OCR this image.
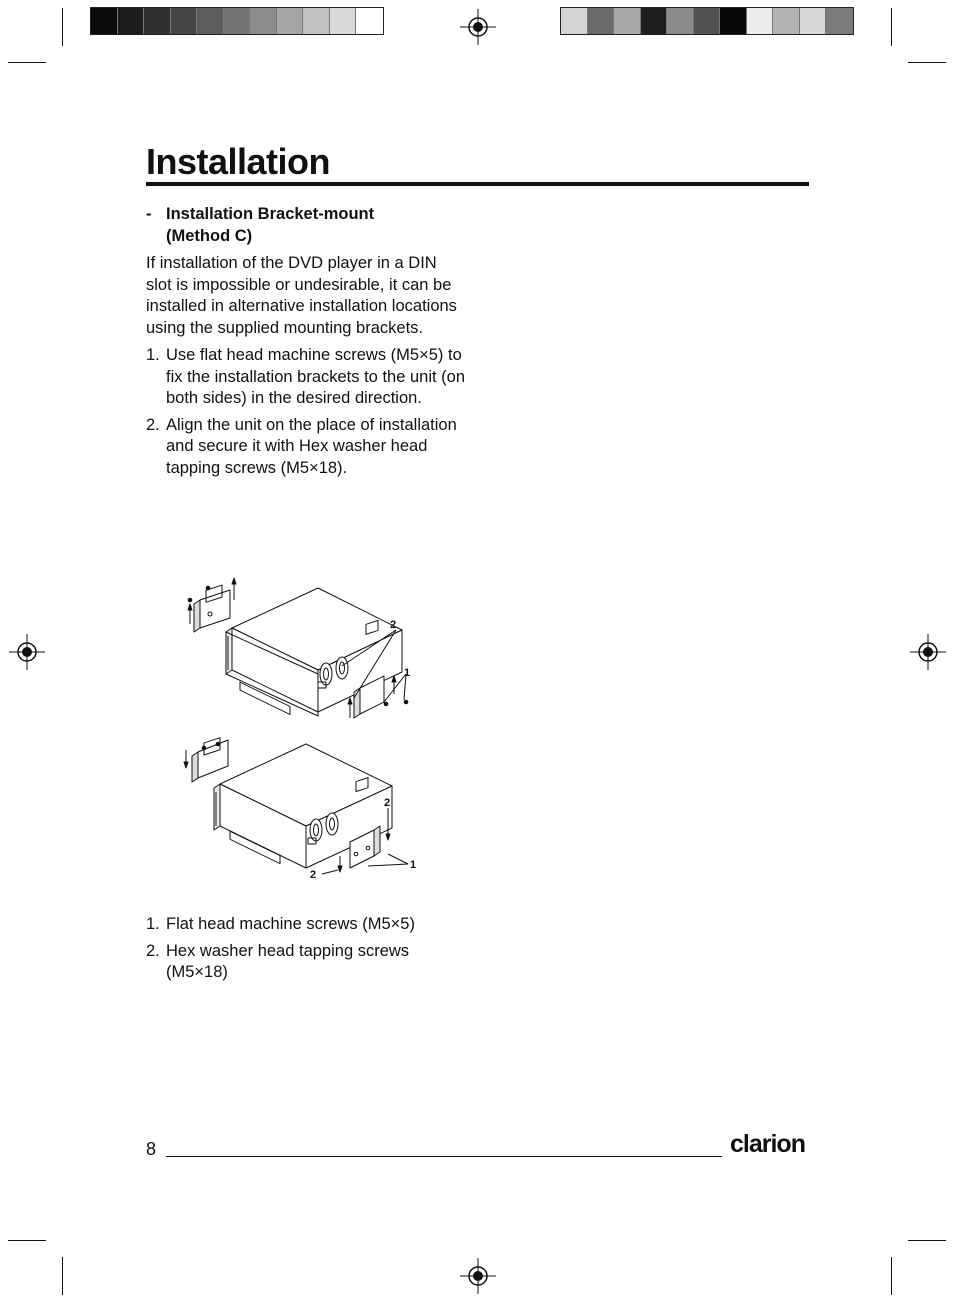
Installation
- Installation Bracket-mount
(Method C)

If installation of the DVD player in a DIN slot is impossible or undesirable, it can be installed in alternative installation locations using the supplied mounting brackets.

1. Use flat head machine screws (M5×5) to fix the installation brackets to the unit (on both sides) in the desired direction.
2. Align the unit on the place of installation and secure it with Hex washer head tapping screws (M5×18).
2
1
2
1
2
1. Flat head machine screws (M5×5)
2. Hex washer head tapping screws (M5×18)
8	clarion
